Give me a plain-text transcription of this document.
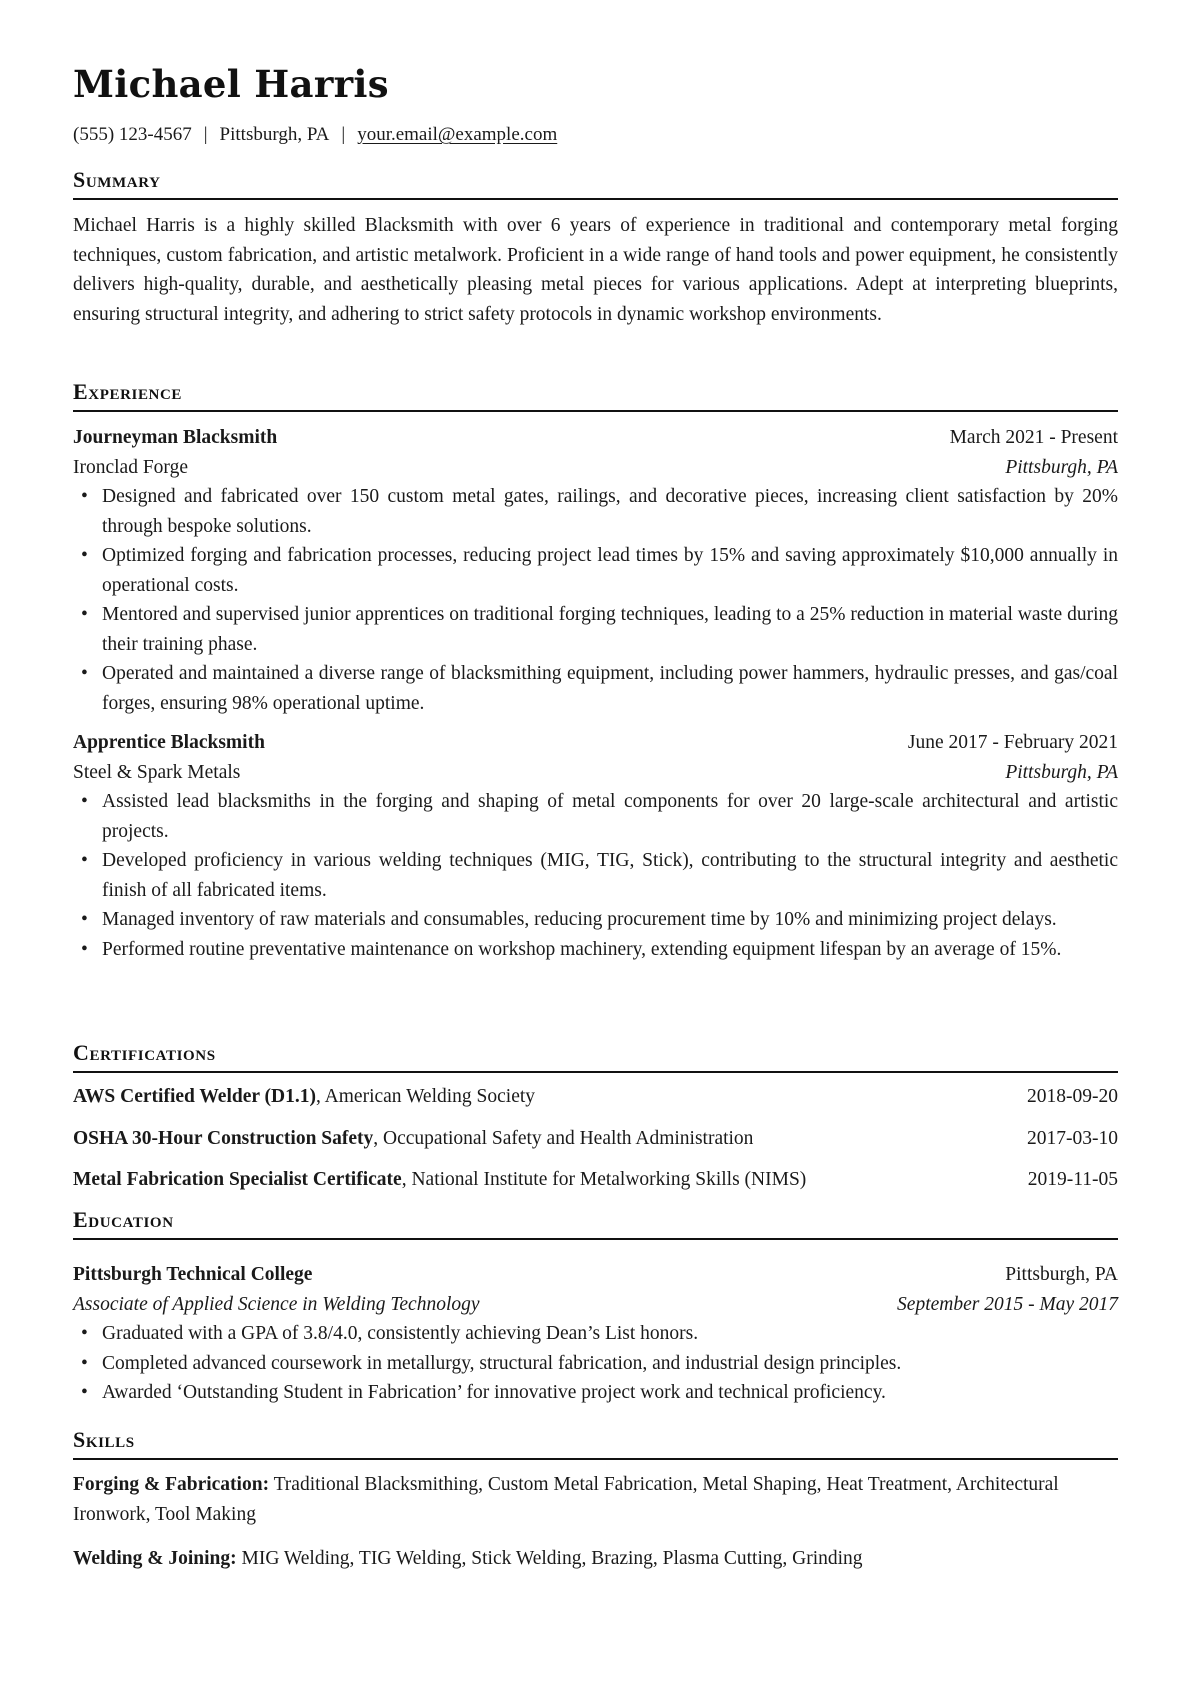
Michael Harris
(555) 123-4567 | Pittsburgh, PA | your.email@example.com
Summary
Michael Harris is a highly skilled Blacksmith with over 6 years of experience in traditional and contemporary metal forging techniques, custom fabrication, and artistic metalwork. Proficient in a wide range of hand tools and power equipment, he consistently delivers high-quality, durable, and aesthetically pleasing metal pieces for various applications. Adept at interpreting blueprints, ensuring structural integrity, and adhering to strict safety protocols in dynamic workshop environments.
Experience
Journeyman Blacksmith	March 2021 - Present
Ironclad Forge	Pittsburgh, PA
• Designed and fabricated over 150 custom metal gates, railings, and decorative pieces, increasing client satisfaction by 20% through bespoke solutions.
• Optimized forging and fabrication processes, reducing project lead times by 15% and saving approximately $10,000 annually in operational costs.
• Mentored and supervised junior apprentices on traditional forging techniques, leading to a 25% reduction in material waste during their training phase.
• Operated and maintained a diverse range of blacksmithing equipment, including power hammers, hydraulic presses, and gas/coal forges, ensuring 98% operational uptime.
Apprentice Blacksmith	June 2017 - February 2021
Steel & Spark Metals	Pittsburgh, PA
• Assisted lead blacksmiths in the forging and shaping of metal components for over 20 large-scale architectural and artistic projects.
• Developed proficiency in various welding techniques (MIG, TIG, Stick), contributing to the structural integrity and aesthetic finish of all fabricated items.
• Managed inventory of raw materials and consumables, reducing procurement time by 10% and minimizing project delays.
• Performed routine preventative maintenance on workshop machinery, extending equipment lifespan by an average of 15%.
Certifications
AWS Certified Welder (D1.1), American Welding Society	2018-09-20
OSHA 30-Hour Construction Safety, Occupational Safety and Health Administration	2017-03-10
Metal Fabrication Specialist Certificate, National Institute for Metalworking Skills (NIMS)	2019-11-05
Education
Pittsburgh Technical College	Pittsburgh, PA
Associate of Applied Science in Welding Technology	September 2015 - May 2017
• Graduated with a GPA of 3.8/4.0, consistently achieving Dean’s List honors.
• Completed advanced coursework in metallurgy, structural fabrication, and industrial design principles.
• Awarded ‘Outstanding Student in Fabrication’ for innovative project work and technical proficiency.
Skills
Forging & Fabrication: Traditional Blacksmithing, Custom Metal Fabrication, Metal Shaping, Heat Treatment, Architectural Ironwork, Tool Making
Welding & Joining: MIG Welding, TIG Welding, Stick Welding, Brazing, Plasma Cutting, Grinding
